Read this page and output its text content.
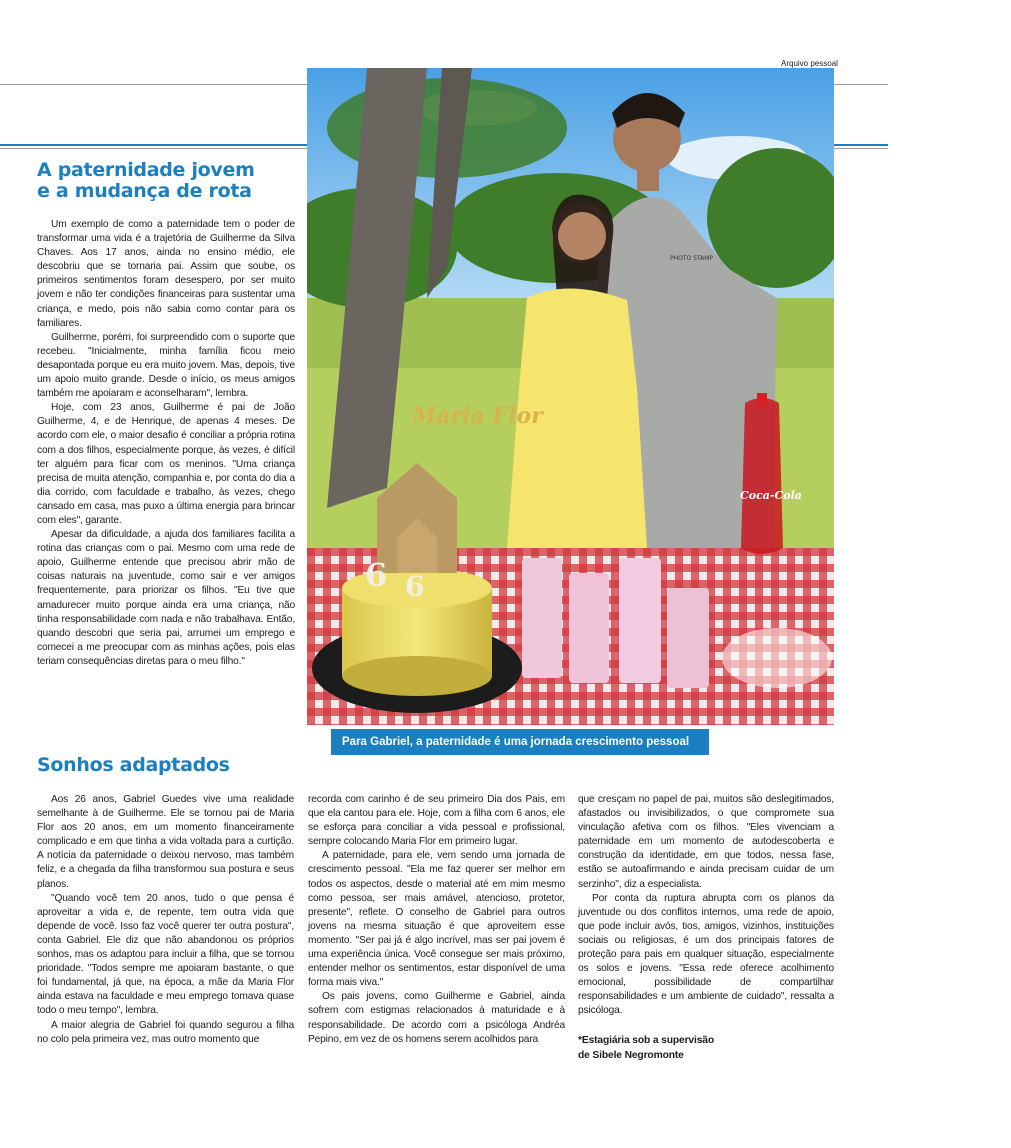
Arquivo pessoal
6 6
Maria Flor
Coca-Cola
PHOTO STAMP
Para Gabriel, a paternidade é uma jornada crescimento pessoal
A paternidade jovem
e a mudança de rota

Um exemplo de como a paternidade tem o poder de transformar uma vida é a trajetória de Guilherme da Silva Chaves. Aos 17 anos, ainda no ensino médio, ele descobriu que se tornaria pai. Assim que soube, os primeiros sentimentos foram desespero, por ser muito jovem e não ter condições financeiras para sustentar uma criança, e medo, pois não sabia como contar para os familiares.

Guilherme, porém, foi surpreendido com o suporte que recebeu. "Inicialmente, minha família ficou meio desapontada porque eu era muito jovem. Mas, depois, tive um apoio muito grande. Desde o início, os meus amigos também me apoiaram e aconselharam", lembra.

Hoje, com 23 anos, Guilherme é pai de João Guilherme, 4, e de Henrique, de apenas 4 meses. De acordo com ele, o maior desafio é conciliar a própria rotina com a dos filhos, especialmente porque, às vezes, é difícil ter alguém para ficar com os meninos. "Uma criança precisa de muita atenção, companhia e, por conta do dia a dia corrido, com faculdade e trabalho, às vezes, chego cansado em casa, mas puxo a última energia para brincar com eles", garante.

Apesar da dificuldade, a ajuda dos familiares facilita a rotina das crianças com o pai. Mesmo com uma rede de apoio, Guilherme entende que precisou abrir mão de coisas naturais na juventude, como sair e ver amigos frequentemente, para priorizar os filhos. "Eu tive que amadurecer muito porque ainda era uma criança, não tinha responsabilidade com nada e não trabalhava. Então, quando descobri que seria pai, arrumei um emprego e comecei a me preocupar com as minhas ações, pois elas teriam consequências diretas para o meu filho."

Sonhos adaptados

Aos 26 anos, Gabriel Guedes vive uma realidade semelhante à de Guilherme. Ele se tornou pai de Maria Flor aos 20 anos, em um momento financeiramente complicado e em que tinha a vida voltada para a curtição. A notícia da paternidade o deixou nervoso, mas também feliz, e a chegada da filha transformou sua postura e seus planos.

"Quando você tem 20 anos, tudo o que pensa é aproveitar a vida e, de repente, tem outra vida que depende de você. Isso faz você querer ter outra postura", conta Gabriel. Ele diz que não abandonou os próprios sonhos, mas os adaptou para incluir a filha, que se tornou prioridade. "Todos sempre me apoiaram bastante, o que foi fundamental, já que, na época, a mãe da Maria Flor ainda estava na faculdade e meu emprego tomava quase todo o meu tempo", lembra.

A maior alegria de Gabriel foi quando segurou a filha no colo pela primeira vez, mas outro momento que

recorda com carinho é de seu primeiro Dia dos Pais, em que ela cantou para ele. Hoje, com a filha com 6 anos, ele se esforça para conciliar a vida pessoal e profissional, sempre colocando Maria Flor em primeiro lugar.

A paternidade, para ele, vem sendo uma jornada de crescimento pessoal. "Ela me faz querer ser melhor em todos os aspectos, desde o material até em mim mesmo como pessoa, ser mais amável, atencioso, protetor, presente", reflete. O conselho de Gabriel para outros jovens na mesma situação é que aproveitem esse momento. "Ser pai já é algo incrível, mas ser pai jovem é uma experiência única. Você consegue ser mais próximo, entender melhor os sentimentos, estar disponível de uma forma mais viva."

Os pais jovens, como Guilherme e Gabriel, ainda sofrem com estigmas relacionados à maturidade e à responsabilidade. De acordo com a psicóloga Andréa Pepino, em vez de os homens serem acolhidos para

que cresçam no papel de pai, muitos são deslegitimados, afastados ou invisibilizados, o que compromete sua vinculação afetiva com os filhos. "Eles vivenciam a paternidade em um momento de autodescoberta e construção da identidade, em que todos, nessa fase, estão se autoafirmando e ainda precisam cuidar de um serzinho", diz a especialista.

Por conta da ruptura abrupta com os planos da juventude ou dos conflitos internos, uma rede de apoio, que pode incluir avós, tios, amigos, vizinhos, instituições sociais ou religiosas, é um dos principais fatores de proteção para pais em qualquer situação, especialmente os solos e jovens. "Essa rede oferece acolhimento emocional, possibilidade de compartilhar responsabilidades e um ambiente de cuidado", ressalta a psicóloga.

*Estagiária sob a supervisão
de Sibele Negromonte
